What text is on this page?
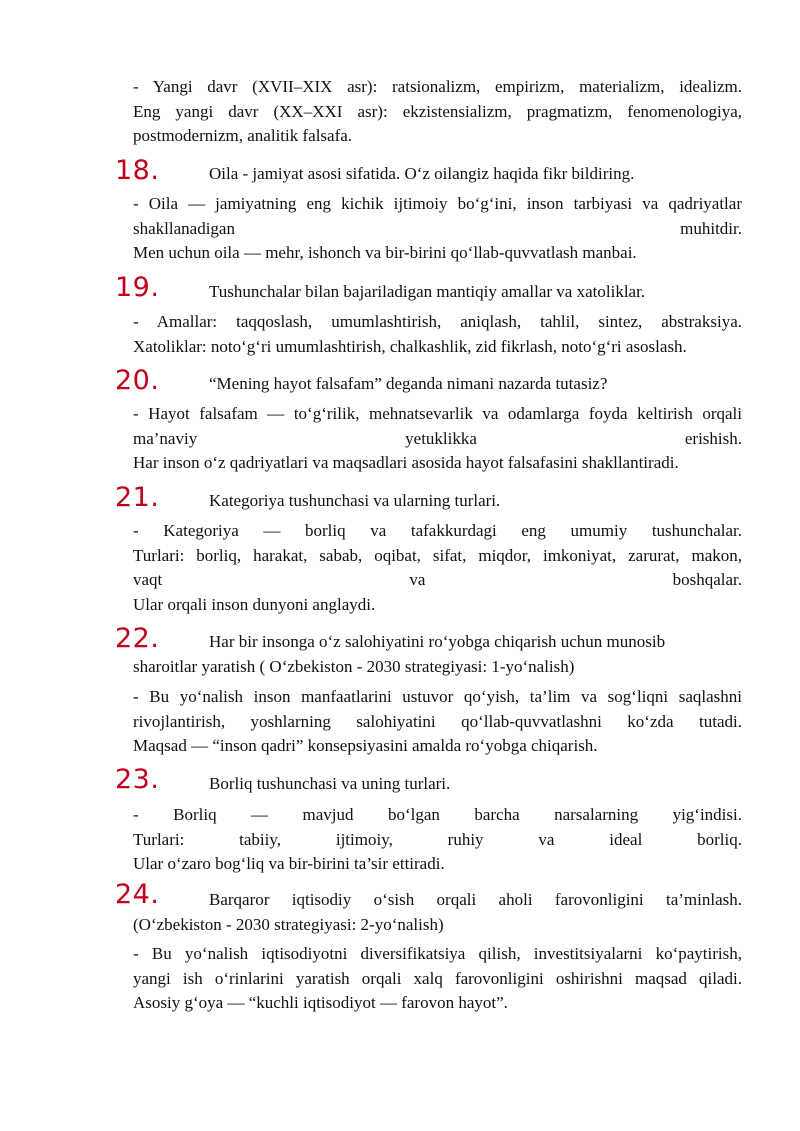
- Yangi davr (XVII–XIX asr): ratsionalizm, empirizm, materializm, idealizm.
Eng yangi davr (XX–XXI asr): ekzistensializm, pragmatizm, fenomenologiya,
postmodernizm, analitik falsafa.

18.	Oila - jamiyat asosi sifatida. O‘z oilangiz haqida fikr bildiring.

- Oila — jamiyatning eng kichik ijtimoiy bo‘g‘ini, inson tarbiyasi va qadriyatlar
shakllanadigan muhitdir.
Men uchun oila — mehr, ishonch va bir-birini qo‘llab-quvvatlash manbai.

19.	Tushunchalar bilan bajariladigan mantiqiy amallar va xatoliklar.

- Amallar: taqqoslash, umumlashtirish, aniqlash, tahlil, sintez, abstraksiya.
Xatoliklar: noto‘g‘ri umumlashtirish, chalkashlik, zid fikrlash, noto‘g‘ri asoslash.

20.	“Mening hayot falsafam” deganda nimani nazarda tutasiz?

- Hayot falsafam — to‘g‘rilik, mehnatsevarlik va odamlarga foyda keltirish orqali
ma’naviy yetuklikka erishish.
Har inson o‘z qadriyatlari va maqsadlari asosida hayot falsafasini shakllantiradi.

21.	Kategoriya tushunchasi va ularning turlari.

- Kategoriya — borliq va tafakkurdagi eng umumiy tushunchalar.
Turlari: borliq, harakat, sabab, oqibat, sifat, miqdor, imkoniyat, zarurat, makon,
vaqt va boshqalar.
Ular orqali inson dunyoni anglaydi.

22.	Har bir insonga o‘z salohiyatini ro‘yobga chiqarish uchun munosib
sharoitlar yaratish ( O‘zbekiston - 2030 strategiyasi: 1-yo‘nalish)

- Bu yo‘nalish inson manfaatlarini ustuvor qo‘yish, ta’lim va sog‘liqni saqlashni
rivojlantirish, yoshlarning salohiyatini qo‘llab-quvvatlashni ko‘zda tutadi.
Maqsad — “inson qadri” konsepsiyasini amalda ro‘yobga chiqarish.

23.	Borliq tushunchasi va uning turlari.

- Borliq — mavjud bo‘lgan barcha narsalarning yig‘indisi.
Turlari: tabiiy, ijtimoiy, ruhiy va ideal borliq.
Ular o‘zaro bog‘liq va bir-birini ta’sir ettiradi.

24.	Barqaror iqtisodiy o‘sish orqali aholi farovonligini ta’minlash.
(O‘zbekiston - 2030 strategiyasi: 2-yo‘nalish)

- Bu yo‘nalish iqtisodiyotni diversifikatsiya qilish, investitsiyalarni ko‘paytirish,
yangi ish o‘rinlarini yaratish orqali xalq farovonligini oshirishni maqsad qiladi.
Asosiy g‘oya — “kuchli iqtisodiyot — farovon hayot”.
